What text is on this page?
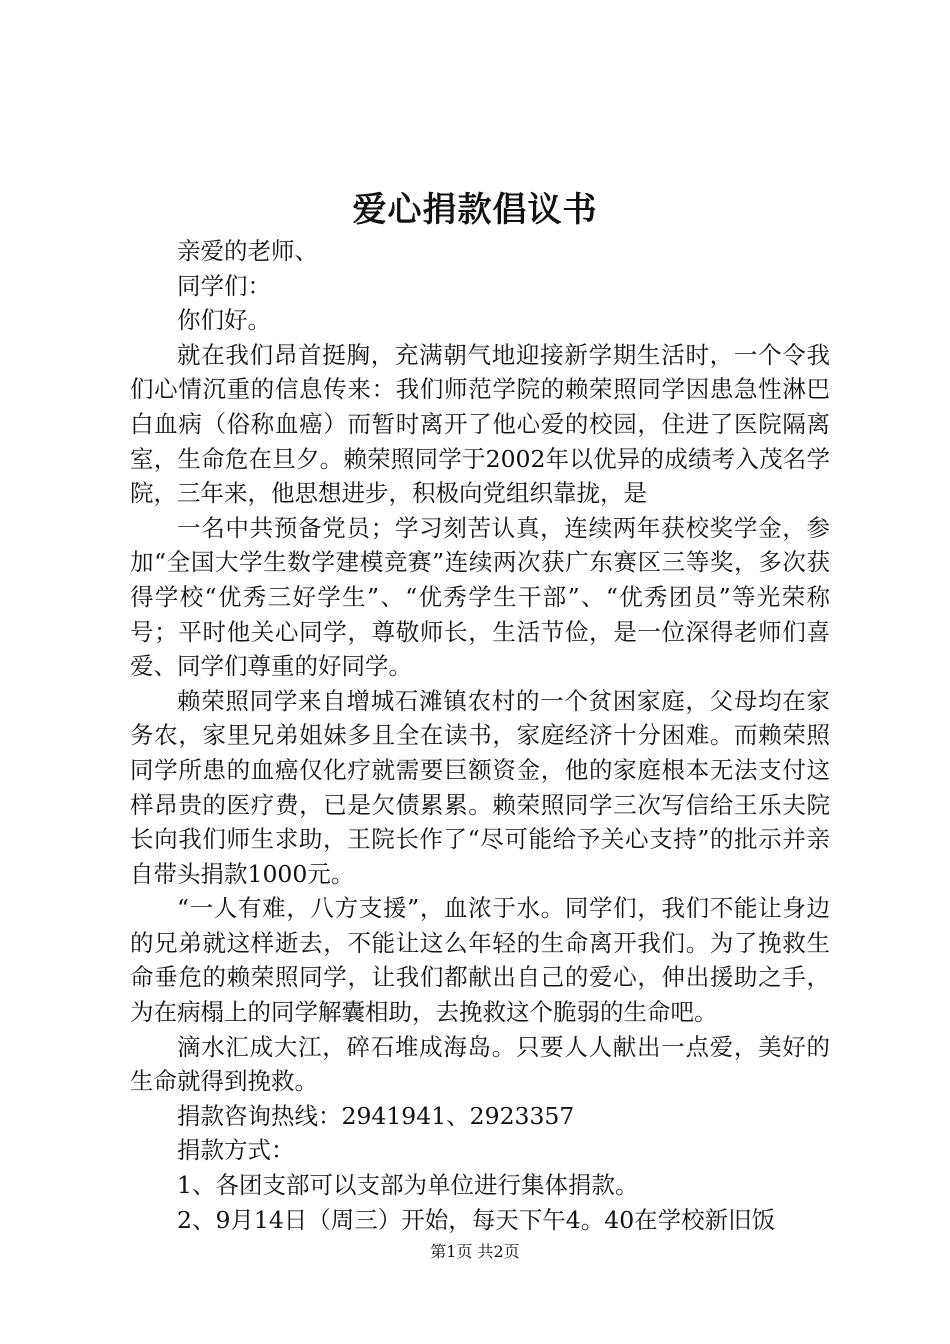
爱心捐款倡议书

亲爱的老师、

同学们：

你们好。

就在我们昂首挺胸，充满朝气地迎接新学期生活时，一个令我们心情沉重的信息传来：我们师范学院的赖荣照同学因患急性淋巴白血病（俗称血癌）而暂时离开了他心爱的校园，住进了医院隔离室，生命危在旦夕。赖荣照同学于2002年以优异的成绩考入茂名学院，三年来，他思想进步，积极向党组织靠拢，是

一名中共预备党员；学习刻苦认真，连续两年获校奖学金，参加“全国大学生数学建模竞赛”连续两次获广东赛区三等奖，多次获得学校“优秀三好学生”、“优秀学生干部”、“优秀团员”等光荣称号；平时他关心同学，尊敬师长，生活节俭，是一位深得老师们喜爱、同学们尊重的好同学。

赖荣照同学来自增城石滩镇农村的一个贫困家庭，父母均在家务农，家里兄弟姐妹多且全在读书，家庭经济十分困难。而赖荣照同学所患的血癌仅化疗就需要巨额资金，他的家庭根本无法支付这样昂贵的医疗费，已是欠债累累。赖荣照同学三次写信给王乐夫院长向我们师生求助，王院长作了“尽可能给予关心支持”的批示并亲自带头捐款1000元。

“一人有难，八方支援”，血浓于水。同学们，我们不能让身边的兄弟就这样逝去，不能让这么年轻的生命离开我们。为了挽救生命垂危的赖荣照同学，让我们都献出自己的爱心，伸出援助之手，为在病榻上的同学解囊相助，去挽救这个脆弱的生命吧。

滴水汇成大江，碎石堆成海岛。只要人人献出一点爱，美好的生命就得到挽救。

捐款咨询热线：2941941、2923357

捐款方式：

1、各团支部可以支部为单位进行集体捐款。

2、9月14日（周三）开始，每天下午4。40在学校新旧饭

第1页 共2页
